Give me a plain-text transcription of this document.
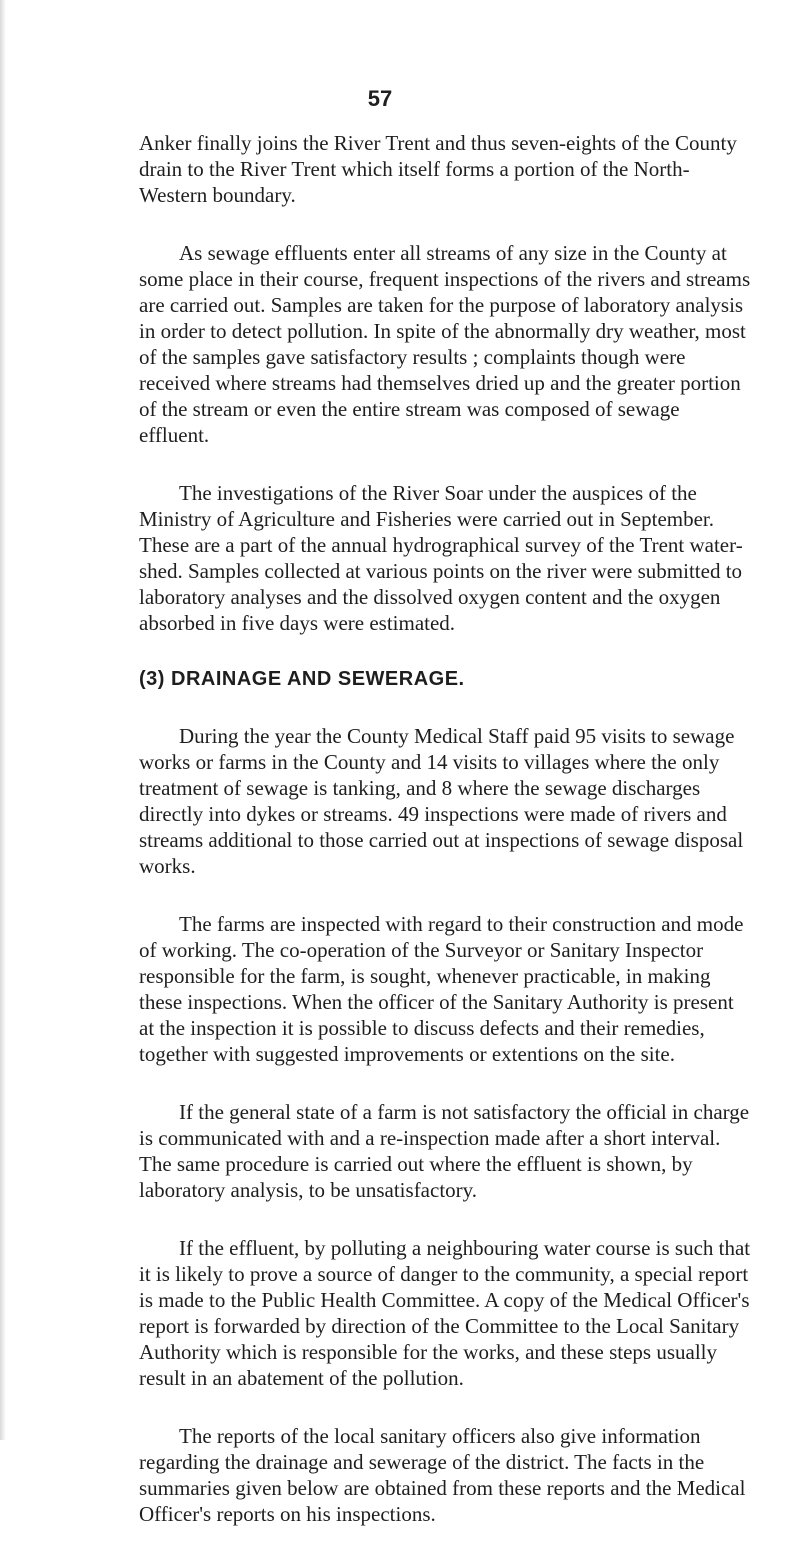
57

Anker finally joins the River Trent and thus seven-eights of the County drain to the River Trent which itself forms a portion of the North-Western boundary.

As sewage effluents enter all streams of any size in the County at some place in their course, frequent inspections of the rivers and streams are carried out. Samples are taken for the purpose of laboratory analysis in order to detect pollution. In spite of the abnormally dry weather, most of the samples gave satisfactory results ; complaints though were received where streams had themselves dried up and the greater portion of the stream or even the entire stream was composed of sewage effluent.

The investigations of the River Soar under the auspices of the Ministry of Agriculture and Fisheries were carried out in September. These are a part of the annual hydrographical survey of the Trent water-shed. Samples collected at various points on the river were submitted to laboratory analyses and the dissolved oxygen content and the oxygen absorbed in five days were estimated.

(3) DRAINAGE AND SEWERAGE.

During the year the County Medical Staff paid 95 visits to sewage works or farms in the County and 14 visits to villages where the only treatment of sewage is tanking, and 8 where the sewage discharges directly into dykes or streams. 49 inspections were made of rivers and streams additional to those carried out at inspections of sewage disposal works.

The farms are inspected with regard to their construction and mode of working. The co-operation of the Surveyor or Sanitary Inspector responsible for the farm, is sought, whenever practicable, in making these inspections. When the officer of the Sanitary Authority is present at the inspection it is possible to discuss defects and their remedies, together with suggested improvements or extentions on the site.

If the general state of a farm is not satisfactory the official in charge is communicated with and a re-inspection made after a short interval. The same procedure is carried out where the effluent is shown, by laboratory analysis, to be unsatisfactory.

If the effluent, by polluting a neighbouring water course is such that it is likely to prove a source of danger to the community, a special report is made to the Public Health Committee. A copy of the Medical Officer's report is forwarded by direction of the Committee to the Local Sanitary Authority which is responsible for the works, and these steps usually result in an abatement of the pollution.

The reports of the local sanitary officers also give information regarding the drainage and sewerage of the district. The facts in the summaries given below are obtained from these reports and the Medical Officer's reports on his inspections.
